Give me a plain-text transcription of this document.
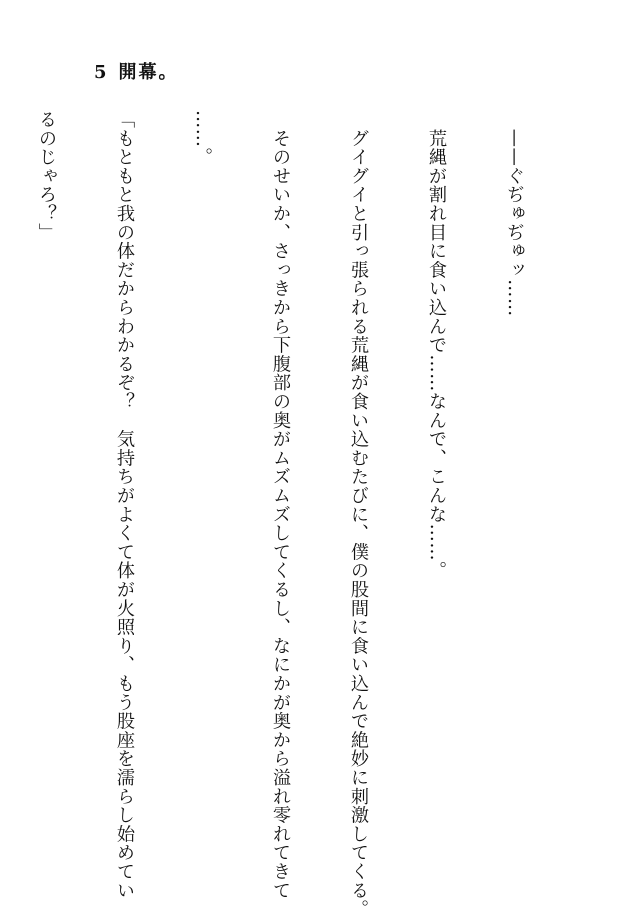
5 開幕。

　——ぐぢゅぢゅッ……

　荒縄が割れ目に食い込んで……なんで、こんな……。

　グイグイと引っ張られる荒縄が食い込むたびに、僕の股間に食い込んで絶妙に刺激してくる。

　そのせいか、さっきから下腹部の奥がムズムズしてくるし、なにかが奥から溢れ零れてきて

……。

「もともと我の体だからわかるぞ？　気持ちがよくて体が火照り、もう股座を濡らし始めてい

るのじゃろ？」
